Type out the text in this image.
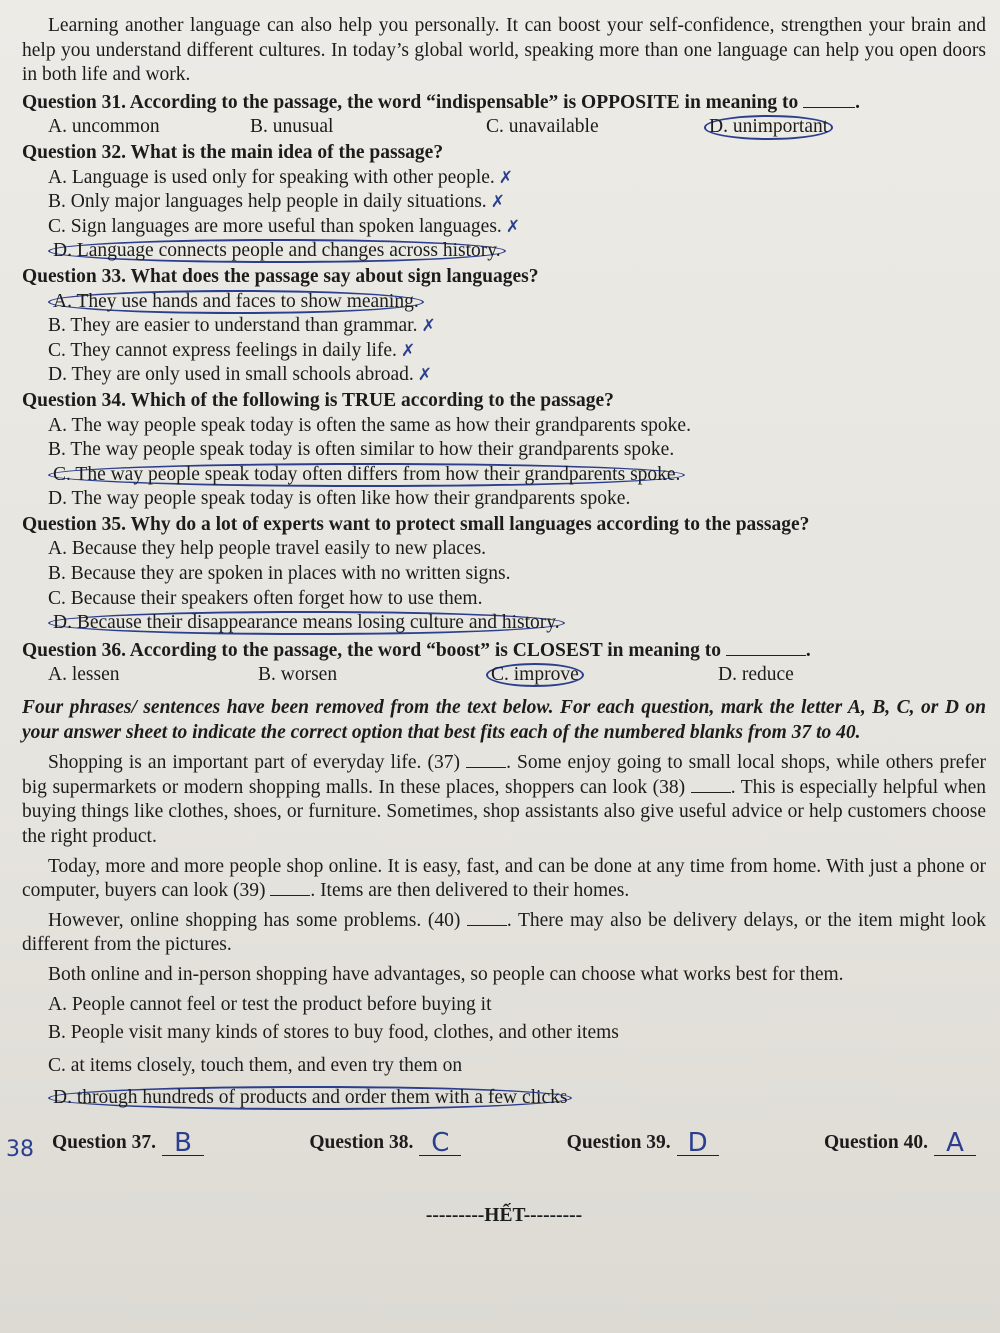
Learning another language can also help you personally. It can boost your self-confidence, strengthen your brain and help you understand different cultures. In today’s global world, speaking more than one language can help you open doors in both life and work.

Question 31. According to the passage, the word “indispensable” is OPPOSITE in meaning to	.

A. uncommon	B. unusual	C. unavailable	D. unimportant

Question 32. What is the main idea of the passage?

A. Language is used only for speaking with other people. ✗

B. Only major languages help people in daily situations. ✗

C. Sign languages are more useful than spoken languages. ✗

D. Language connects people and changes across history.

Question 33. What does the passage say about sign languages?

A. They use hands and faces to show meaning.

B. They are easier to understand than grammar. ✗

C. They cannot express feelings in daily life. ✗

D. They are only used in small schools abroad. ✗

Question 34. Which of the following is TRUE according to the passage?

A. The way people speak today is often the same as how their grandparents spoke.

B. The way people speak today is often similar to how their grandparents spoke.

C. The way people speak today often differs from how their grandparents spoke.

D. The way people speak today is often like how their grandparents spoke.

Question 35. Why do a lot of experts want to protect small languages according to the passage?

A. Because they help people travel easily to new places.

B. Because they are spoken in places with no written signs.

C. Because their speakers often forget how to use them.

D. Because their disappearance means losing culture and history.

Question 36. According to the passage, the word “boost” is CLOSEST in meaning to	.

A. lessen	B. worsen	C. improve	D. reduce

Four phrases/ sentences have been removed from the text below. For each question, mark the letter A, B, C, or D on your answer sheet to indicate the correct option that best fits each of the numbered blanks from 37 to 40.

Shopping is an important part of everyday life. (37) . Some enjoy going to small local shops, while others prefer big supermarkets or modern shopping malls. In these places, shoppers can look (38) . This is especially helpful when buying things like clothes, shoes, or furniture. Sometimes, shop assistants also give useful advice or help customers choose the right product.

Today, more and more people shop online. It is easy, fast, and can be done at any time from home. With just a phone or computer, buyers can look (39) . Items are then delivered to their homes.

However, online shopping has some problems. (40) . There may also be delivery delays, or the item might look different from the pictures.

Both online and in-person shopping have advantages, so people can choose what works best for them.

A. People cannot feel or test the product before buying it

B. People visit many kinds of stores to buy food, clothes, and other items

C. at items closely, touch them, and even try them on

D. through hundreds of products and order them with a few clicks

Question 37. B	Question 38. C	Question 39. D	Question 40. A

---------HẾT---------

38
